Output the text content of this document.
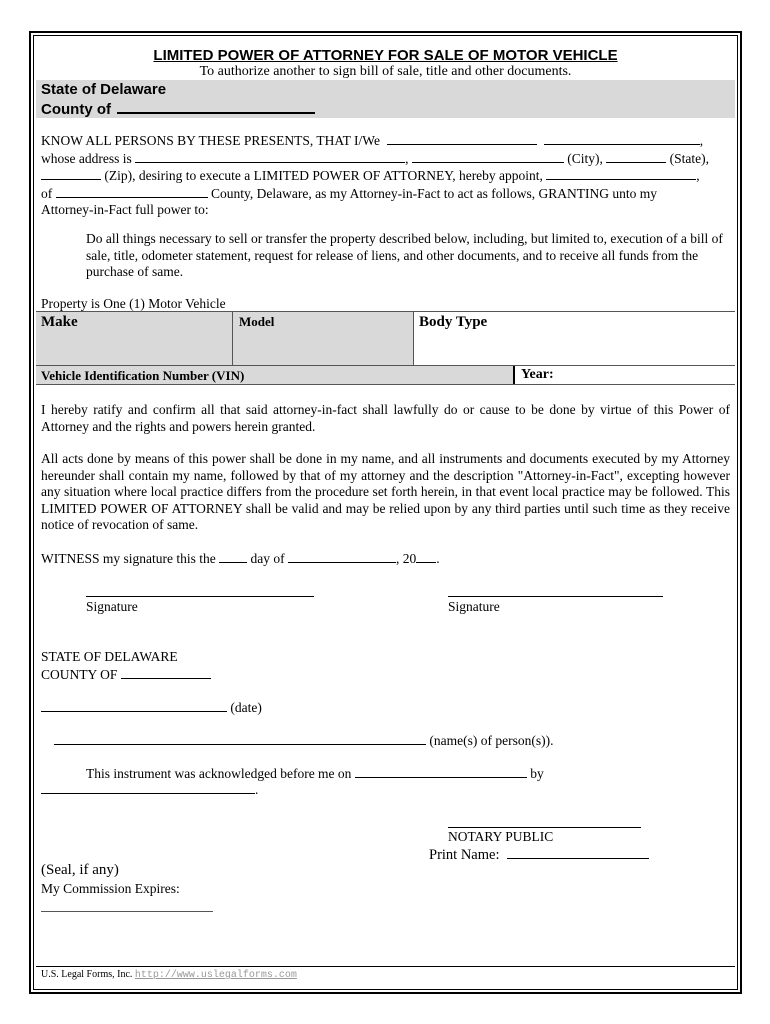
LIMITED POWER OF ATTORNEY FOR SALE OF MOTOR VEHICLE
To authorize another to sign bill of sale, title and other documents.
State of Delaware
County of
KNOW ALL PERSONS BY THESE PRESENTS, THAT I/We	,
whose address is	,	(City),	(State),
(Zip), desiring to execute a LIMITED POWER OF ATTORNEY, hereby appoint,	,
of	County, Delaware, as my Attorney-in-Fact to act as follows, GRANTING unto my
Attorney-in-Fact full power to:
Do all things necessary to sell or transfer the property described below, including, but limited to, execution of a bill of sale, title, odometer statement, request for release of liens, and other documents, and to receive all funds from the purchase of same.
Property is One (1) Motor Vehicle
Make	Model	Body Type
Vehicle Identification Number (VIN)	Year:
I hereby ratify and confirm all that said attorney-in-fact shall lawfully do or cause to be done by virtue of this Power of Attorney and the rights and powers herein granted.
All acts done by means of this power shall be done in my name, and all instruments and documents executed by my Attorney hereunder shall contain my name, followed by that of my attorney and the description "Attorney-in-Fact", excepting however any situation where local practice differs from the procedure set forth herein, in that event local practice may be followed. This LIMITED POWER OF ATTORNEY shall be valid and may be relied upon by any third parties until such time as they receive notice of revocation of same.
WITNESS my signature this the	day of	, 20 .
Signature	Signature
STATE OF DELAWARE
COUNTY OF
(date)
(name(s) of person(s)).
This instrument was acknowledged before me on	by
.
NOTARY PUBLIC
Print Name:
(Seal, if any)
My Commission Expires:
U.S. Legal Forms, Inc. http://www.uslegalforms.com
